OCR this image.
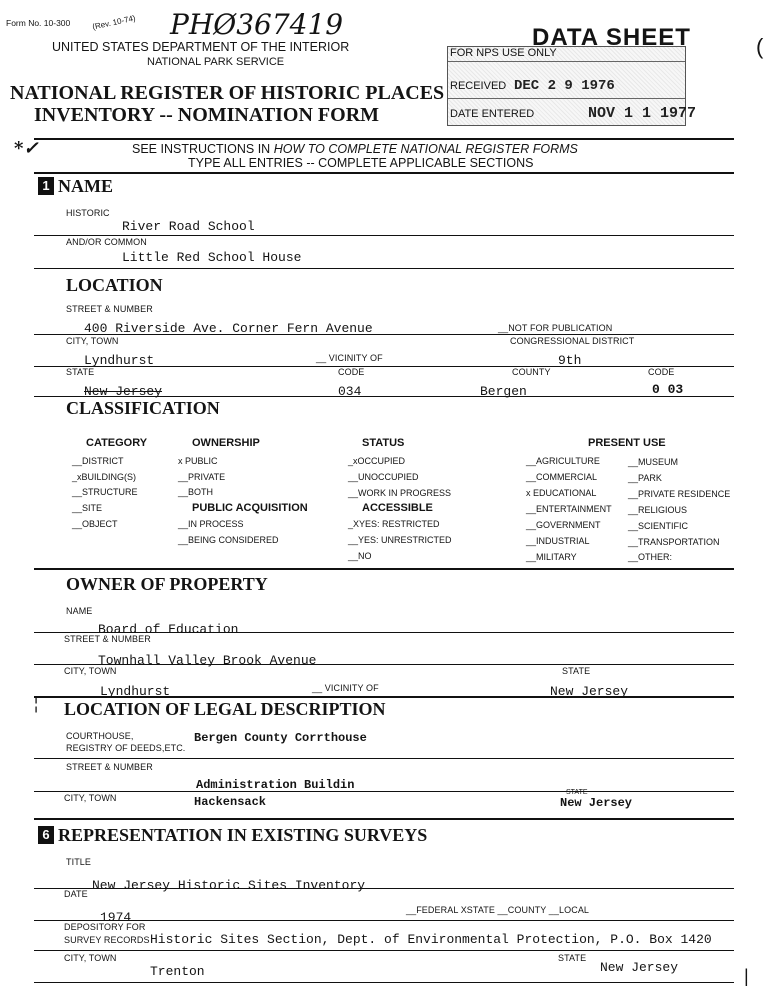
Form No. 10-300	(Rev. 10-74) PHØ367419
UNITED STATES DEPARTMENT OF THE INTERIOR
NATIONAL PARK SERVICE
NATIONAL REGISTER OF HISTORIC PLACES
INVENTORY -- NOMINATION FORM
FOR NPS USE ONLY
RECEIVED DEC 2 9 1976
DATE ENTERED	NOV 1 1 1977
DATA SHEET	(
*✓	SEE INSTRUCTIONS IN HOW TO COMPLETE NATIONAL REGISTER FORMS
TYPE ALL ENTRIES -- COMPLETE APPLICABLE SECTIONS
1 NAME
HISTORIC
River Road School
AND/OR COMMON
Little Red School House
LOCATION
STREET & NUMBER
400 Riverside Ave. Corner Fern Avenue	__NOT FOR PUBLICATION
CITY, TOWN	CONGRESSIONAL DISTRICT
Lyndhurst	__ VICINITY OF	9th
STATE	CODE	COUNTY	CODE
New Jersey	034	Bergen	0 03
CLASSIFICATION
CATEGORY	OWNERSHIP	STATUS	PRESENT USE
__DISTRICT
_xBUILDING(S)
__STRUCTURE
__SITE
__OBJECT
x PUBLIC
__PRIVATE
__BOTH
PUBLIC ACQUISITION
__IN PROCESS
__BEING CONSIDERED
_xOCCUPIED
__UNOCCUPIED
__WORK IN PROGRESS
ACCESSIBLE
_XYES: RESTRICTED
__YES: UNRESTRICTED
__NO
__AGRICULTURE
__COMMERCIAL
x EDUCATIONAL
__ENTERTAINMENT
__GOVERNMENT
__INDUSTRIAL
__MILITARY
__MUSEUM
__PARK
__PRIVATE RESIDENCE
__RELIGIOUS
__SCIENTIFIC
__TRANSPORTATION
__OTHER:
OWNER OF PROPERTY
NAME
Board of Education
STREET & NUMBER
Townhall Valley Brook Avenue
CITY, TOWN	STATE
Lyndhurst	__ VICINITY OF	New Jersey
¦ LOCATION OF LEGAL DESCRIPTION
COURTHOUSE,
REGISTRY OF DEEDS,ETC.
Bergen County Corrthouse
STREET & NUMBER
Administration Buildin
CITY, TOWN	Hackensack
STATE
New Jersey
6 REPRESENTATION IN EXISTING SURVEYS
TITLE
New Jersey Historic Sites Inventory
DATE
__FEDERAL XSTATE __COUNTY __LOCAL
1974
DEPOSITORY FOR
SURVEY RECORDS Historic Sites Section, Dept. of Environmental Protection, P.O. Box 1420
CITY, TOWN	STATE
Trenton	New Jersey	|
